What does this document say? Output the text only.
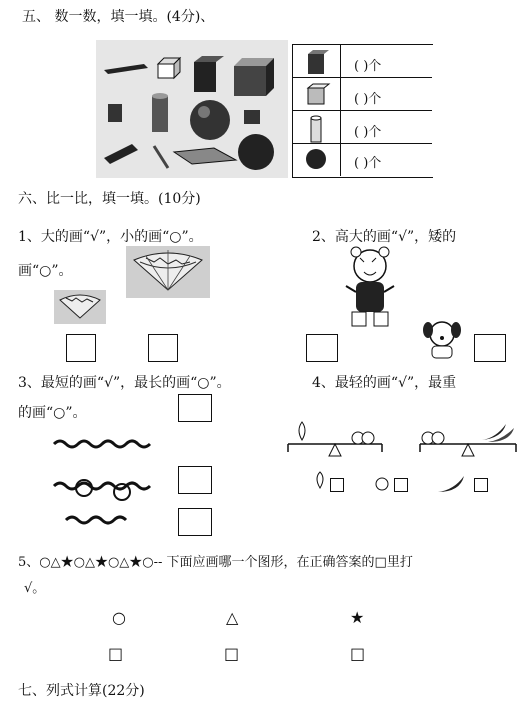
五、 数一数，填一填。(4分)、
( )个
( )个
( )个
( )个
六、比一比，填一填。(10分)
1、大的画“√”，小的画“○”。
画“○”。
2、高大的画“√”，矮的
3、最短的画“√”，最长的画“○”。
的画“○”。
4、最轻的画“√”，最重
5、○△★○△★○△★○-- 下面应画哪一个图形，在正确答案的□里打
√。
○	△	★
□	□	□
七、列式计算(22分)
